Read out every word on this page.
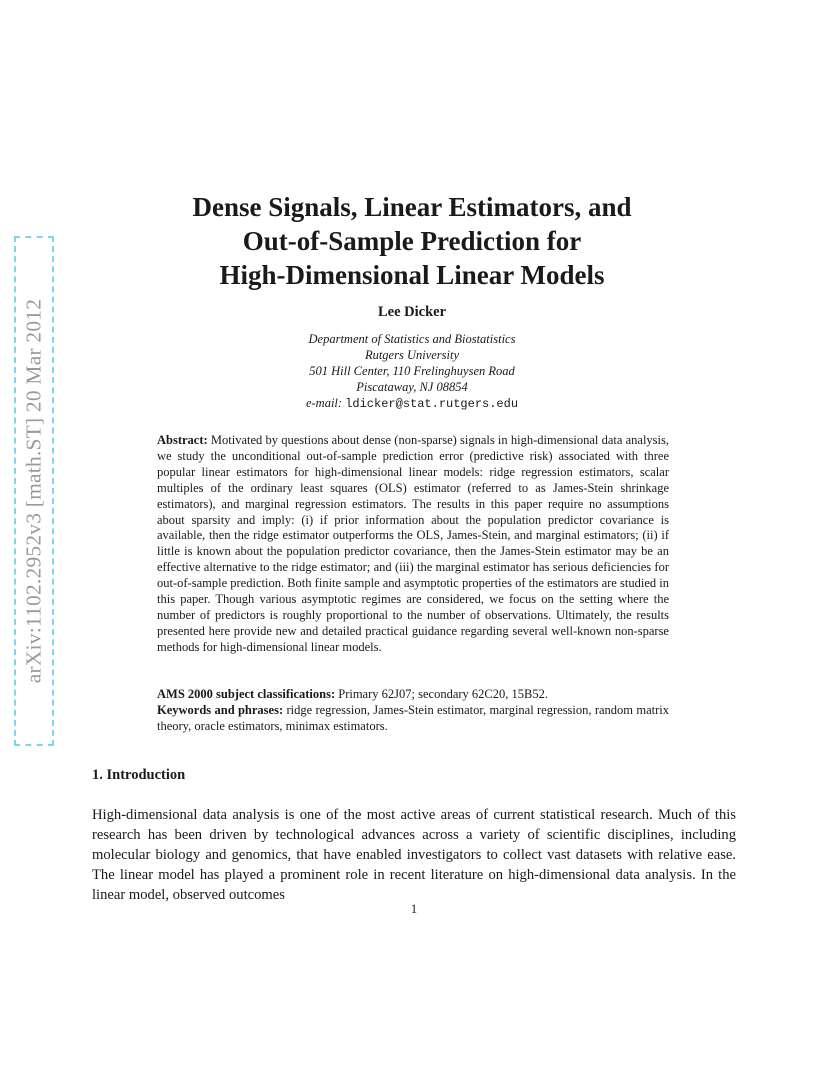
arXiv:1102.2952v3 [math.ST] 20 Mar 2012
Dense Signals, Linear Estimators, and
Out-of-Sample Prediction for
High-Dimensional Linear Models
Lee Dicker
Department of Statistics and Biostatistics
Rutgers University
501 Hill Center, 110 Frelinghuysen Road
Piscataway, NJ 08854
e-mail: ldicker@stat.rutgers.edu

Abstract: Motivated by questions about dense (non-sparse) signals in high-dimensional data analysis, we study the unconditional out-of-sample prediction error (predictive risk) associated with three popular linear estimators for high-dimensional linear models: ridge regression estimators, scalar multiples of the ordinary least squares (OLS) estimator (referred to as James-Stein shrinkage estimators), and marginal regression estimators. The results in this paper require no assumptions about sparsity and imply: (i) if prior information about the population predictor covariance is available, then the ridge estimator outperforms the OLS, James-Stein, and marginal estimators; (ii) if little is known about the population predictor covariance, then the James-Stein estimator may be an effective alternative to the ridge estimator; and (iii) the marginal estimator has serious deficiencies for out-of-sample prediction. Both finite sample and asymptotic properties of the estimators are studied in this paper. Though various asymptotic regimes are considered, we focus on the setting where the number of predictors is roughly proportional to the number of observations. Ultimately, the results presented here provide new and detailed practical guidance regarding several well-known non-sparse methods for high-dimensional linear models.

AMS 2000 subject classifications: Primary 62J07; secondary 62C20, 15B52.

Keywords and phrases: ridge regression, James-Stein estimator, marginal regression, random matrix theory, oracle estimators, minimax estimators.

1. Introduction

High-dimensional data analysis is one of the most active areas of current statistical research. Much of this research has been driven by technological advances across a variety of scientific disciplines, including molecular biology and genomics, that have enabled investigators to collect vast datasets with relative ease. The linear model has played a prominent role in recent literature on high-dimensional data analysis. In the linear model, observed outcomes

1
